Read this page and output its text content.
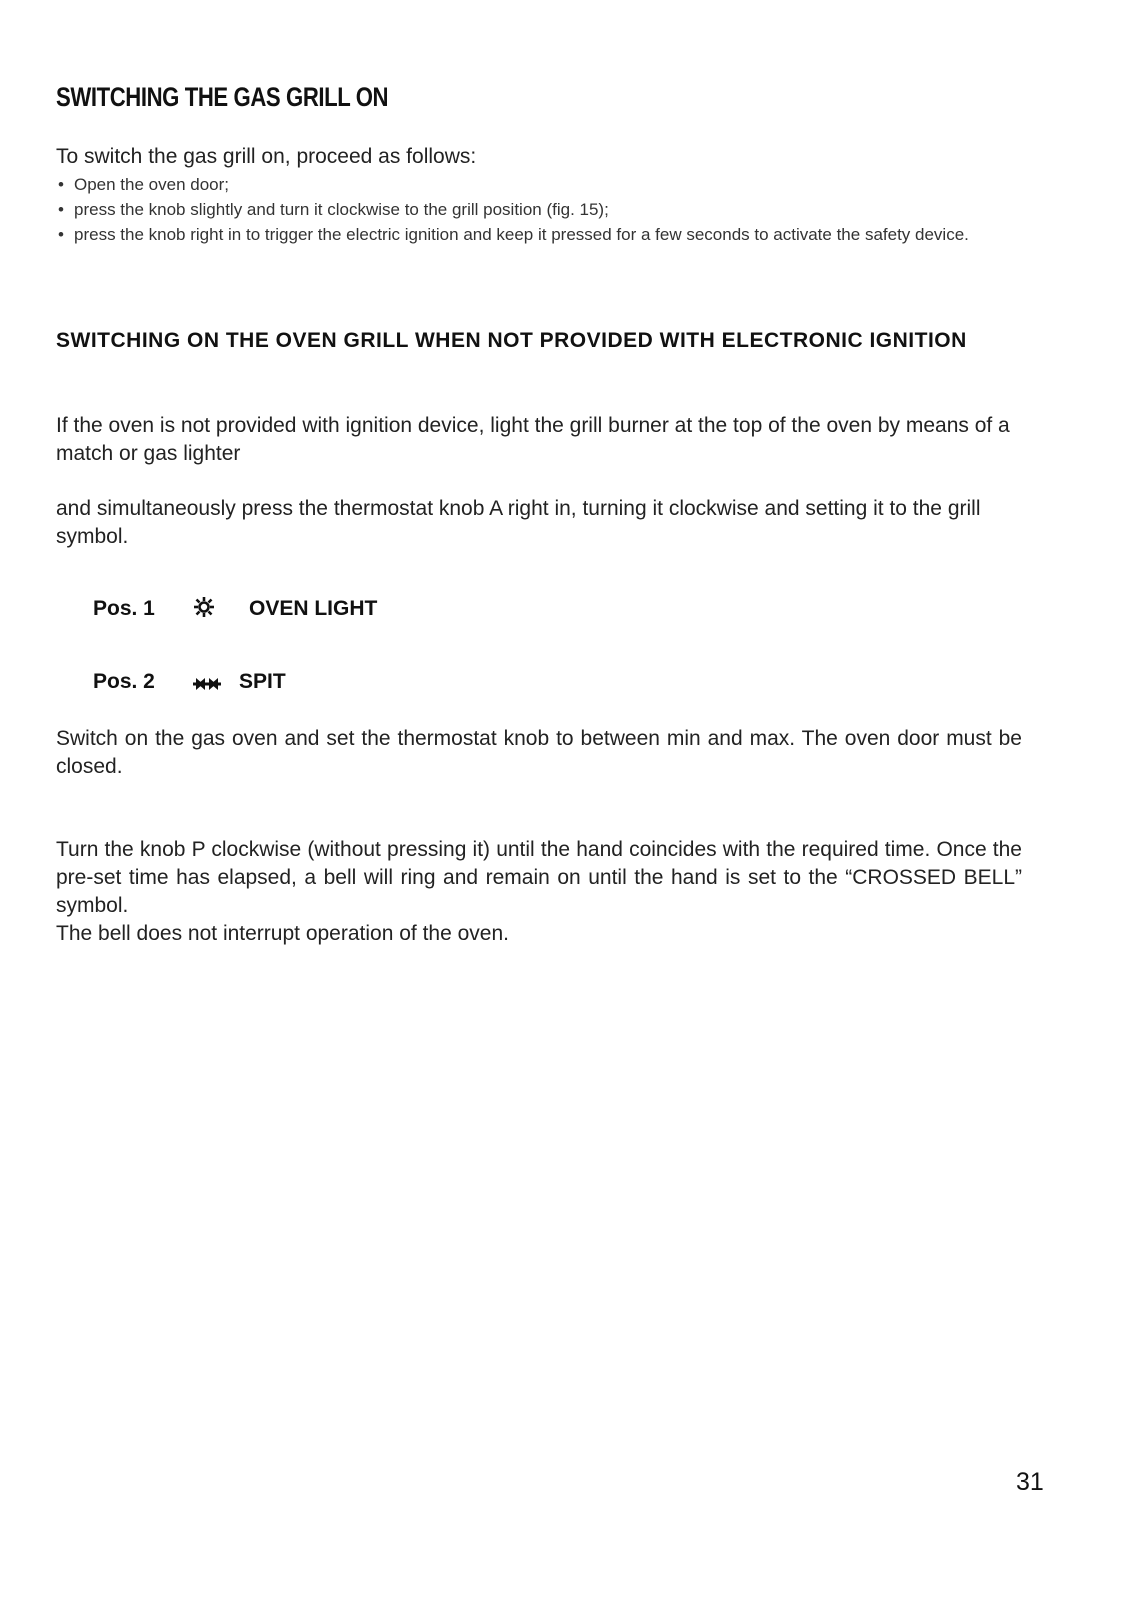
SWITCHING THE GAS GRILL ON
To switch the gas grill on, proceed as follows:
• Open the oven door;
• press the knob slightly and turn it clockwise to the grill position (fig. 15);
• press the knob right in to trigger the electric ignition and keep it pressed for a few seconds to activate the safety device.
SWITCHING ON THE OVEN GRILL WHEN NOT PROVIDED WITH ELECTRONIC IGNITION
If the oven is not provided with ignition device, light the grill burner at the top of the oven by means of a match or gas lighter
and simultaneously press the thermostat knob A right in, turning it clockwise and setting it to the grill symbol.
Pos. 1	OVEN LIGHT
Pos. 2	SPIT
Switch on the gas oven and set the thermostat knob to between min and max. The oven door must be closed.
Turn the knob P clockwise (without pressing it) until the hand coincides with the required time. Once the pre-set time has elapsed, a bell will ring and remain on until the hand is set to the “CROSSED BELL” symbol.
The bell does not interrupt operation of the oven.
31
